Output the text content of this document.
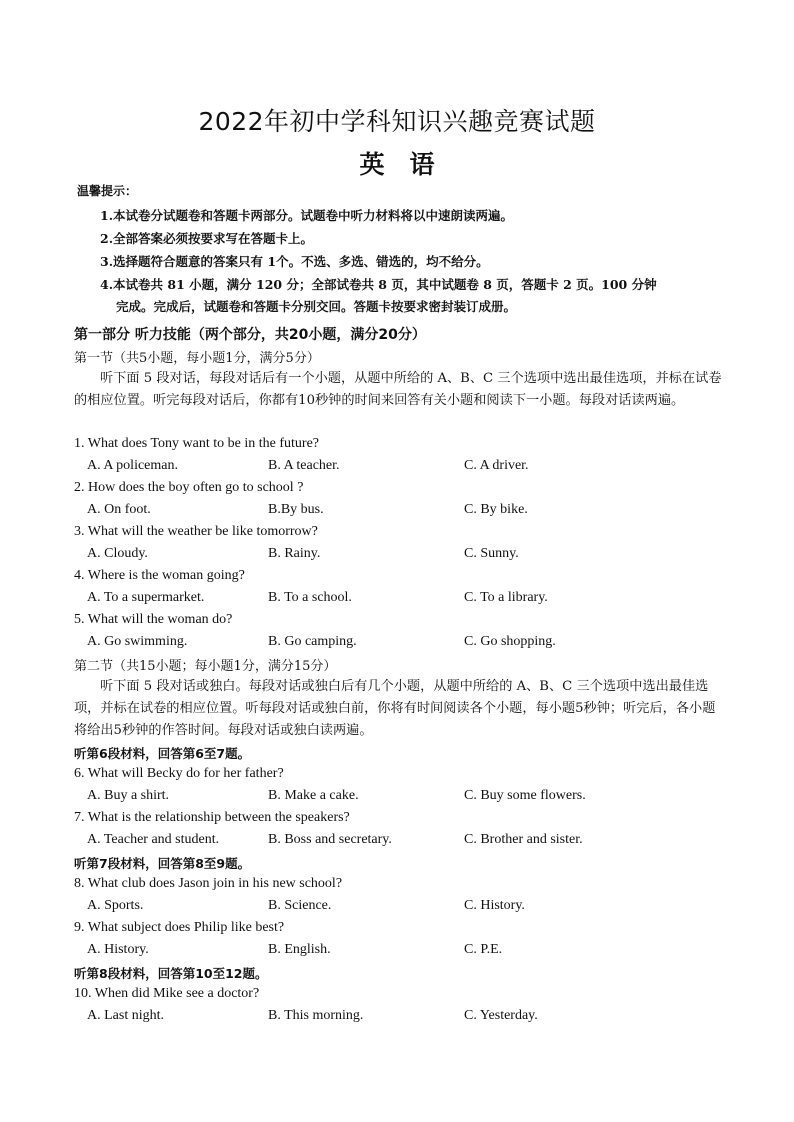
2022年初中学科知识兴趣竞赛试题
英　语
温馨提示：
1.本试卷分试题卷和答题卡两部分。试题卷中听力材料将以中速朗读两遍。
2.全部答案必须按要求写在答题卡上。
3.选择题符合题意的答案只有 1个。不选、多选、错选的，均不给分。
4.本试卷共 81 小题，满分 120 分；全部试卷共 8 页，其中试题卷 8 页，答题卡 2 页。100 分钟
完成。完成后，试题卷和答题卡分别交回。答题卡按要求密封装订成册。
第一部分 听力技能（两个部分，共20小题，满分20分）
第一节（共5小题，每小题1分，满分5分）
听下面 5 段对话，每段对话后有一个小题，从题中所给的 A、B、C 三个选项中选出最佳选项，并标在试卷的相应位置。听完每段对话后，你都有10秒钟的时间来回答有关小题和阅读下一小题。每段对话读两遍。
1. What does Tony want to be in the future?
A. A policeman.	B. A teacher.	C. A driver.
2. How does the boy often go to school ?
A. On foot.	B.By bus.	C. By bike.
3. What will the weather be like tomorrow?
A. Cloudy.	B. Rainy.	C. Sunny.
4. Where is the woman going?
A. To a supermarket.	B. To a school.	C. To a library.
5. What will the woman do?
A. Go swimming.	B. Go camping.	C. Go shopping.
第二节（共15小题；每小题1分，满分15分）
听下面 5 段对话或独白。每段对话或独白后有几个小题，从题中所给的 A、B、C 三个选项中选出最佳选项，并标在试卷的相应位置。听每段对话或独白前，你将有时间阅读各个小题，每小题5秒钟；听完后，各小题将给出5秒钟的作答时间。每段对话或独白读两遍。
听第6段材料，回答第6至7题。
6. What will Becky do for her father?
A. Buy a shirt.	B. Make a cake.	C. Buy some flowers.
7. What is the relationship between the speakers?
A. Teacher and student.	B. Boss and secretary.	C. Brother and sister.
听第7段材料，回答第8至9题。
8. What club does Jason join in his new school?
A. Sports.	B. Science.	C. History.
9. What subject does Philip like best?
A. History.	B. English.	C. P.E.
听第8段材料，回答第10至12题。
10. When did Mike see a doctor?
A. Last night.	B. This morning.	C. Yesterday.
